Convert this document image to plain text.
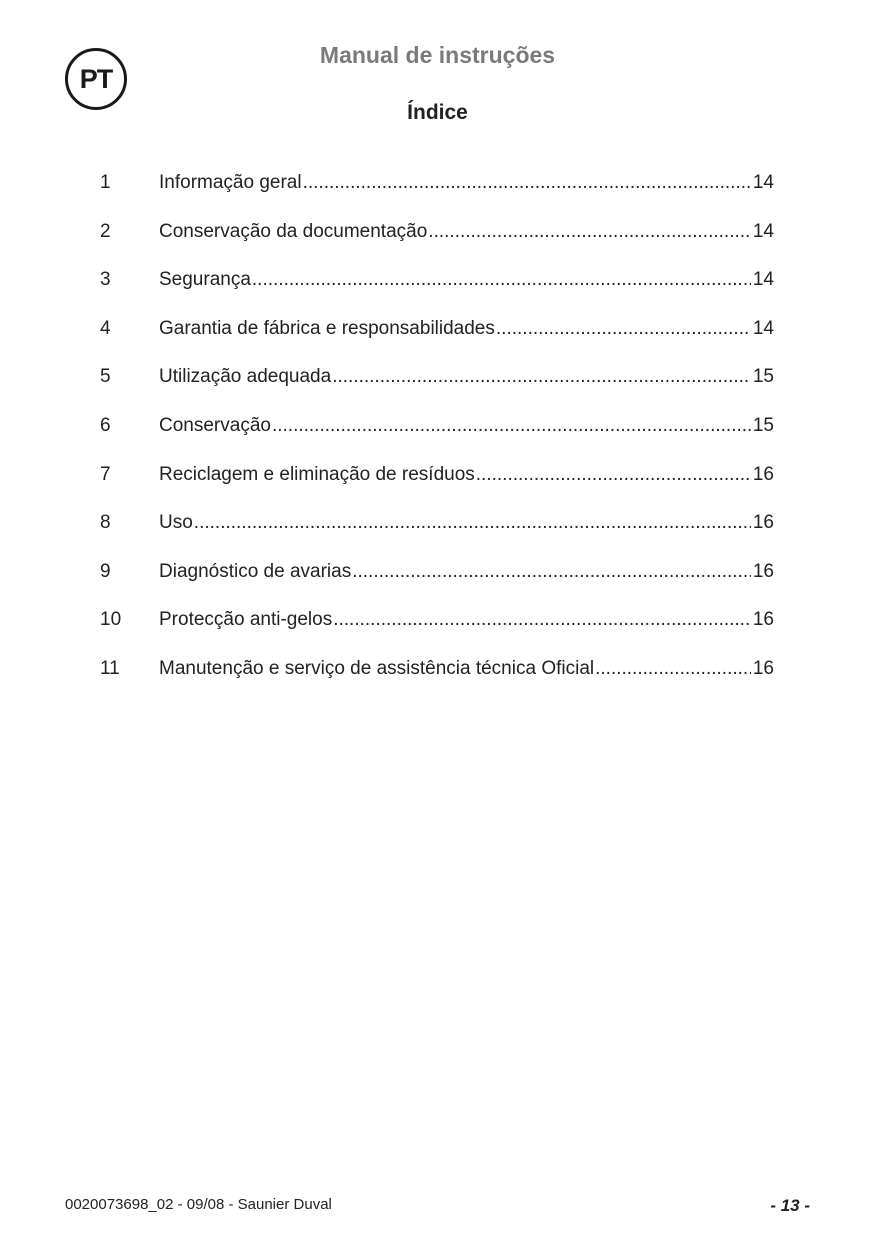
PT
Manual de instruções
Índice
1	Informação geral .....	14
2	Conservação da documentação .....	14
3	Segurança .....	14
4	Garantia de fábrica e responsabilidades .....	14
5	Utilização adequada .....	15
6	Conservação .....	15
7	Reciclagem e eliminação de resíduos .....	16
8	Uso .....	16
9	Diagnóstico de avarias .....	16
10	Protecção anti-gelos .....	16
11	Manutenção e serviço de assistência técnica Oficial .....	16
0020073698_02 - 09/08 - Saunier Duval	- 13 -
